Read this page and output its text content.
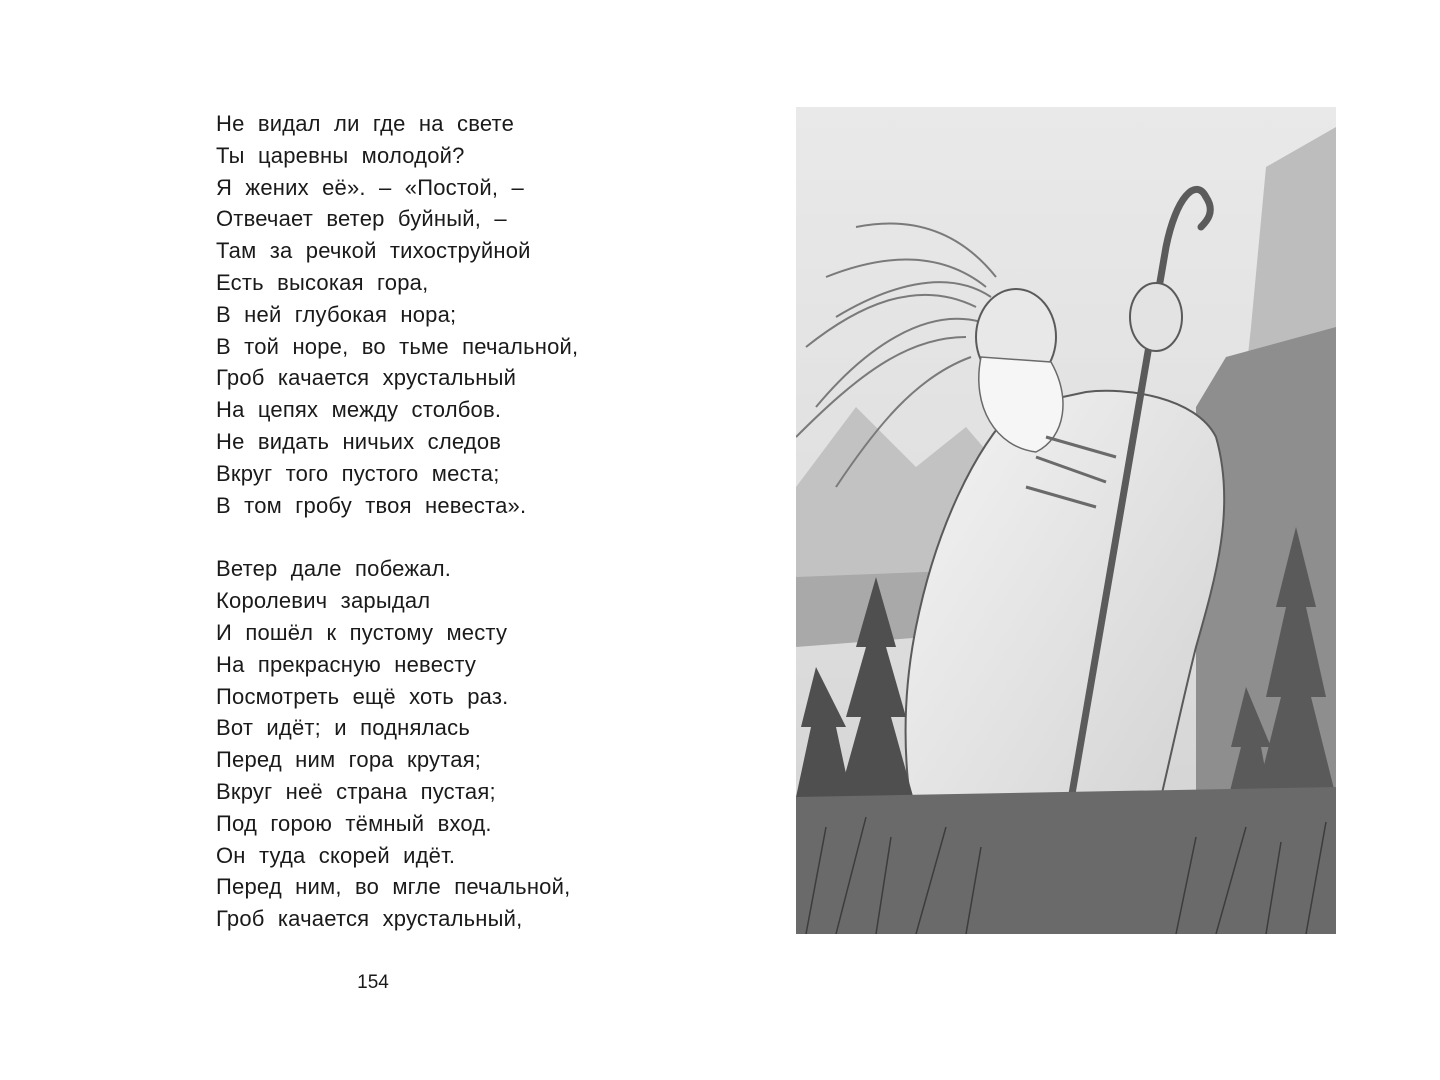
Не видал ли где на свете
Ты царевны молодой?
Я жених её». – «Постой, –
Отвечает ветер буйный, –
Там за речкой тихоструйной
Есть высокая гора,
В ней глубокая нора;
В той норе, во тьме печальной,
Гроб качается хрустальный
На цепях между столбов.
Не видать ничьих следов
Вкруг того пустого места;
В том гробу твоя невеста».
Ветер дале побежал.
Королевич зарыдал
И пошёл к пустому месту
На прекрасную невесту
Посмотреть ещё хоть раз.
Вот идёт; и поднялась
Перед ним гора крутая;
Вкруг неё страна пустая;
Под горою тёмный вход.
Он туда скорей идёт.
Перед ним, во мгле печальной,
Гроб качается хрустальный,
154
